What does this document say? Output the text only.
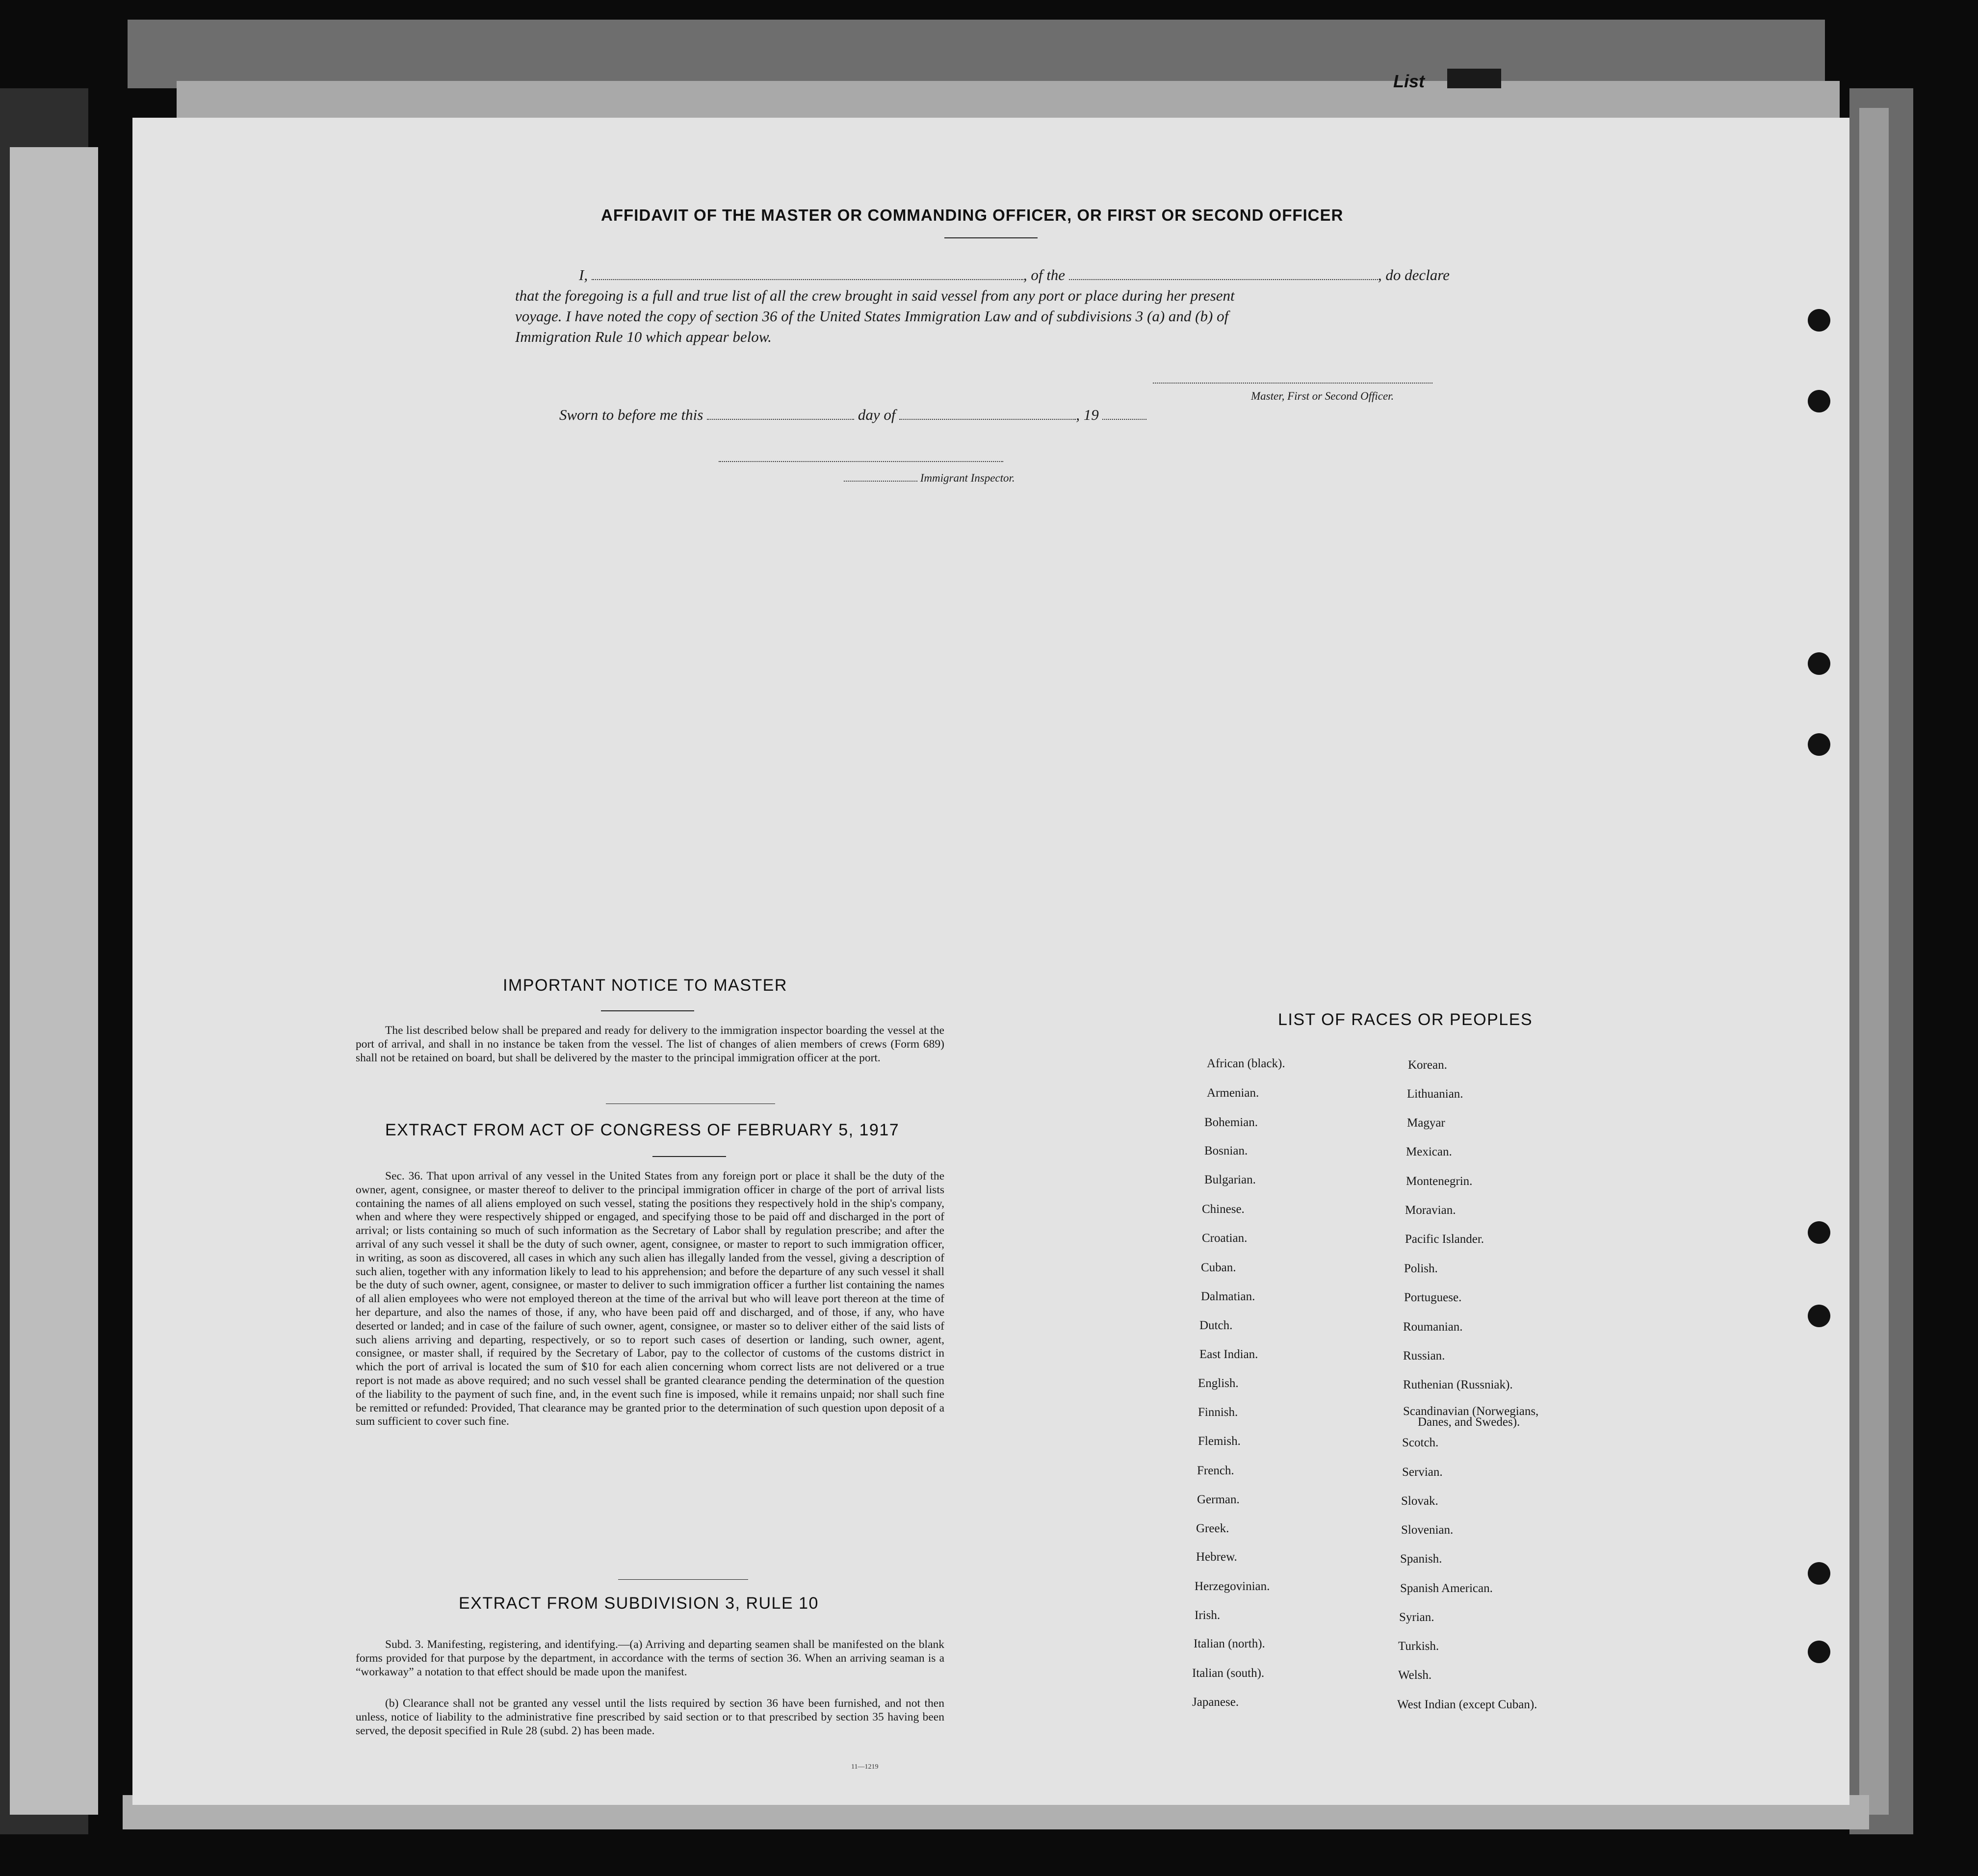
List
AFFIDAVIT OF THE MASTER OR COMMANDING OFFICER, OR FIRST OR SECOND OFFICER
I,	, of the	, do declare
that the foregoing is a full and true list of all the crew brought in said vessel from any port or place during her present
voyage. I have noted the copy of section 36 of the United States Immigration Law and of subdivisions 3 (a) and (b) of
Immigration Rule 10 which appear below.
Master, First or Second Officer.
Sworn to before me this	day of	, 19
Immigrant Inspector.
IMPORTANT NOTICE TO MASTER
The list described below shall be prepared and ready for delivery to the immigration inspector boarding the vessel at the port of arrival, and shall in no instance be taken from the vessel. The list of changes of alien members of crews (Form 689) shall not be retained on board, but shall be delivered by the master to the principal immigration officer at the port.
EXTRACT FROM ACT OF CONGRESS OF FEBRUARY 5, 1917
Sec. 36. That upon arrival of any vessel in the United States from any foreign port or place it shall be the duty of the owner, agent, consignee, or master thereof to deliver to the principal immigration officer in charge of the port of arrival lists containing the names of all aliens employed on such vessel, stating the positions they respectively hold in the ship's company, when and where they were respectively shipped or engaged, and specifying those to be paid off and discharged in the port of arrival; or lists containing so much of such information as the Secretary of Labor shall by regulation prescribe; and after the arrival of any such vessel it shall be the duty of such owner, agent, consignee, or master to report to such immigration officer, in writing, as soon as discovered, all cases in which any such alien has illegally landed from the vessel, giving a description of such alien, together with any information likely to lead to his apprehension; and before the departure of any such vessel it shall be the duty of such owner, agent, consignee, or master to deliver to such immigration officer a further list containing the names of all alien employees who were not employed thereon at the time of the arrival but who will leave port thereon at the time of her departure, and also the names of those, if any, who have been paid off and discharged, and of those, if any, who have deserted or landed; and in case of the failure of such owner, agent, consignee, or master so to deliver either of the said lists of such aliens arriving and departing, respectively, or so to report such cases of desertion or landing, such owner, agent, consignee, or master shall, if required by the Secretary of Labor, pay to the collector of customs of the customs district in which the port of arrival is located the sum of $10 for each alien concerning whom correct lists are not delivered or a true report is not made as above required; and no such vessel shall be granted clearance pending the determination of the question of the liability to the payment of such fine, and, in the event such fine is imposed, while it remains unpaid; nor shall such fine be remitted or refunded: Provided, That clearance may be granted prior to the determination of such question upon deposit of a sum sufficient to cover such fine.
EXTRACT FROM SUBDIVISION 3, RULE 10
Subd. 3. Manifesting, registering, and identifying.—(a) Arriving and departing seamen shall be manifested on the blank forms provided for that purpose by the department, in accordance with the terms of section 36. When an arriving seaman is a “workaway” a notation to that effect should be made upon the manifest.
(b) Clearance shall not be granted any vessel until the lists required by section 36 have been furnished, and not then unless, notice of liability to the administrative fine prescribed by said section or to that prescribed by section 35 having been served, the deposit specified in Rule 28 (subd. 2) has been made.
11—1219
LIST OF RACES OR PEOPLES
African (black).
Armenian.
Bohemian.
Bosnian.
Bulgarian.
Chinese.
Croatian.
Cuban.
Dalmatian.
Dutch.
East Indian.
English.
Finnish.
Flemish.
French.
German.
Greek.
Hebrew.
Herzegovinian.
Irish.
Italian (north).
Italian (south).
Japanese.
Korean.
Lithuanian.
Magyar
Mexican.
Montenegrin.
Moravian.
Pacific Islander.
Polish.
Portuguese.
Roumanian.
Russian.
Ruthenian (Russniak).
Scandinavian (Norwegians,
Danes, and Swedes).
Scotch.
Servian.
Slovak.
Slovenian.
Spanish.
Spanish American.
Syrian.
Turkish.
Welsh.
West Indian (except Cuban).
